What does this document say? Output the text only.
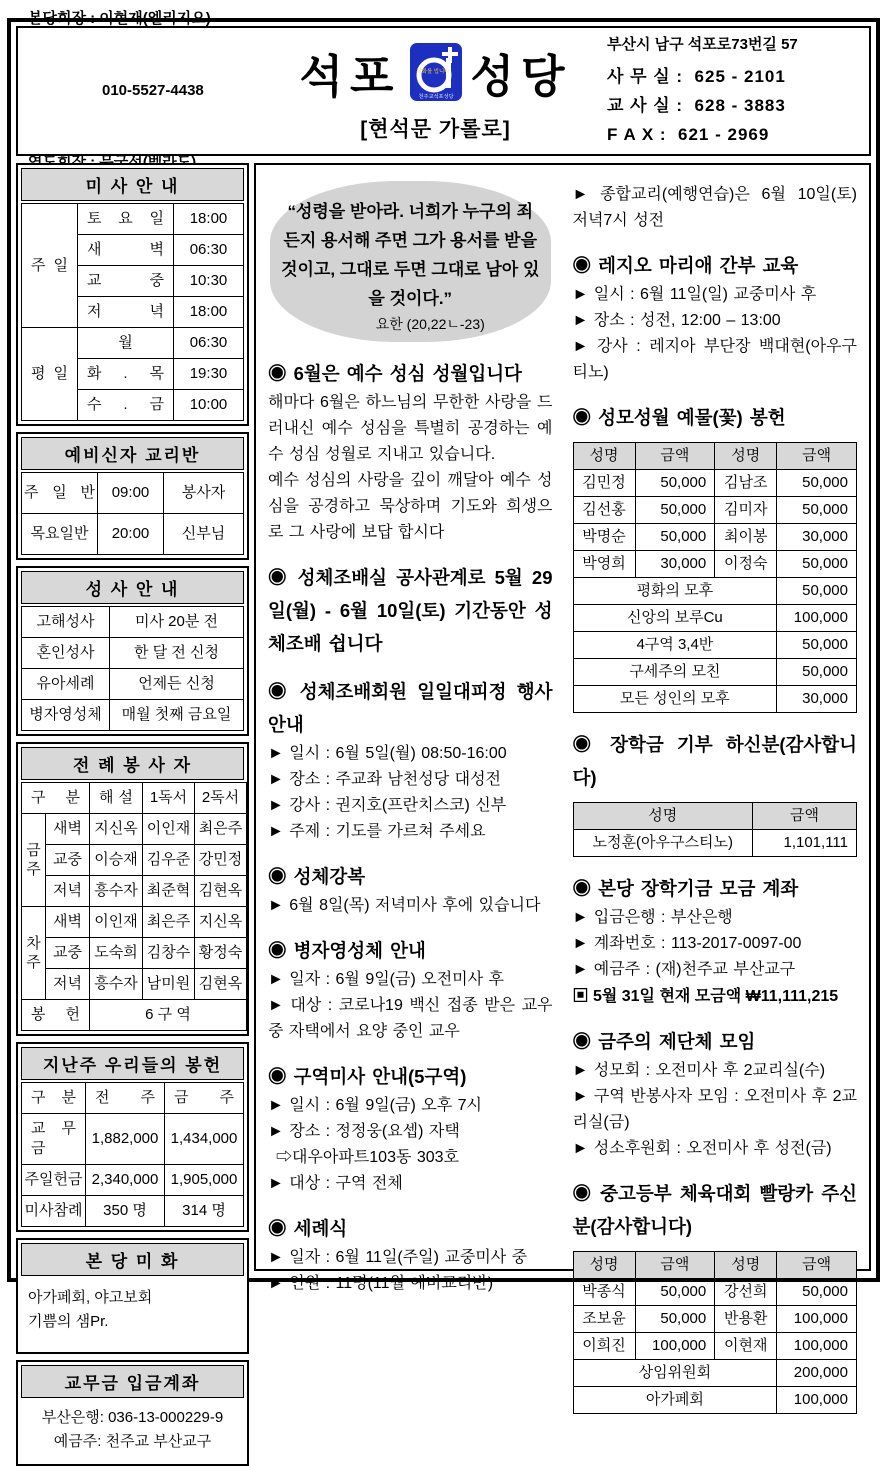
본당회장 : 이현재(엘리지오)

010-5527-4438

	석포	평화를 빕니다
천주교석포성당 성당
[현석문 가롤로]
부산시 남구 석포로73번길 57
사 무 실 :  625 - 2101
교 사 실 :  628 - 3883
F A X :  621 - 2969
미 사 안 내
주 일	토 요 일	18:00
	새 벽	06:30
	교 중	10:30
	저 녁	18:00
평 일	월	06:30
	화 . 목	19:30
	수 . 금	10:00
예비신자 교리반
주 일 반	09:00	봉사자
목요일반	20:00	신부님
성 사 안 내
고해성사	미사 20분 전
혼인성사	한 달 전 신청
유아세례	언제든 신청
병자영성체	매월 첫째 금요일
전 례 봉 사 자
구 분		해 설	1독서	2독서
금주	새벽	지신옥	이인재	최은주
	교중	이승재	김우준	강민정
	저녁	흥수자	최준혁	김현옥
차주	새벽	이인재	최은주	지신옥
	교중	도숙희	김창수	황정숙
	저녁	흥수자	남미원	김현옥
봉 헌		6 구 역		
지난주 우리들의 봉헌
구 분	전 주	금 주
교 무 금	1,882,000	1,434,000
주일헌금	2,340,000	1,905,000
미사참례	350 명	314 명
본 당 미 화
아가페회, 야고보회
기쁨의 샘Pr.
교무금 입금계좌
부산은행: 036-13-000229-9
예금주: 천주교 부산교구
“성령을 받아라. 너희가 누구의 죄든지 용서해 주면 그가 용서를 받을 것이고, 그대로 두면 그대로 남아 있을 것이다.”
요한 (20,22ㄴ-23)
◉ 6월은 예수 성심 성월입니다
해마다 6월은 하느님의 무한한 사랑을 드러내신 예수 성심을 특별히 공경하는 예수 성심 성월로 지내고 있습니다.
예수 성심의 사랑을 깊이 깨달아 예수 성심을 공경하고 묵상하며 기도와 희생으로 그 사랑에 보답 합시다
◉ 성체조배실 공사관계로 5월 29일(월) - 6월 10일(토) 기간동안 성체조배 쉽니다
◉ 성체조배회원 일일대피정 행사 안내
► 일시 : 6월 5일(월) 08:50-16:00
► 장소 : 주교좌 남천성당 대성전
► 강사 : 권지호(프란치스코) 신부
► 주제 : 기도를 가르쳐 주세요
◉ 성체강복
► 6월 8일(목) 저녁미사 후에 있습니다
◉ 병자영성체 안내
► 일자 : 6월 9일(금) 오전미사 후
► 대상 : 코로나19 백신 접종 받은 교우 중 자택에서 요양 중인 교우
◉ 구역미사 안내(5구역)
► 일시 : 6월 9일(금) 오후 7시
► 장소 : 정정웅(요셉) 자택
⇨대우아파트103동 303호
► 대상 : 구역 전체
◉ 세례식
► 일자 : 6월 11일(주일) 교중미사 중
► 인원 : 11명(11월 예비교리반)
► 종합교리(예행연습)은 6월 10일(토) 저녁7시 성전
◉ 레지오 마리애 간부 교육
► 일시 : 6월 11일(일) 교중미사 후
► 장소 : 성전, 12:00 – 13:00
► 강사 : 레지아 부단장 백대현(아우구티노)
◉ 성모성월 예물(꽃) 봉헌
성명	금액	성명	금액
김민정	50,000	김남조	50,000
김선홍	50,000	김미자	50,000
박명순	50,000	최이봉	30,000
박영희	30,000	이정숙	50,000
평화의 모후			50,000
신앙의 보루Cu			100,000
4구역 3,4반			50,000
구세주의 모친			50,000
모든 성인의 모후			30,000
◉ 장학금 기부 하신분(감사합니다)
성명	금액
노정훈(아우구스티노)	1,101,111
◉ 본당 장학기금 모금 계좌
► 입금은행 : 부산은행
► 계좌번호 : 113-2017-0097-00
► 예금주 : (재)천주교 부산교구
▣ 5월 31일 현재 모금액 ₩11,111,215
◉ 금주의 제단체 모임
► 성모회 : 오전미사 후 2교리실(수)
► 구역 반봉사자 모임 : 오전미사 후 2교리실(금)
► 성소후원회 : 오전미사 후 성전(금)
◉ 중고등부 체육대회 빨랑카 주신분(감사합니다)
성명	금액	성명	금액
박종식	50,000	강선희	50,000
조보윤	50,000	반용환	100,000
이희진	100,000	이현재	100,000
상임위원회			200,000
아가페회			100,000
